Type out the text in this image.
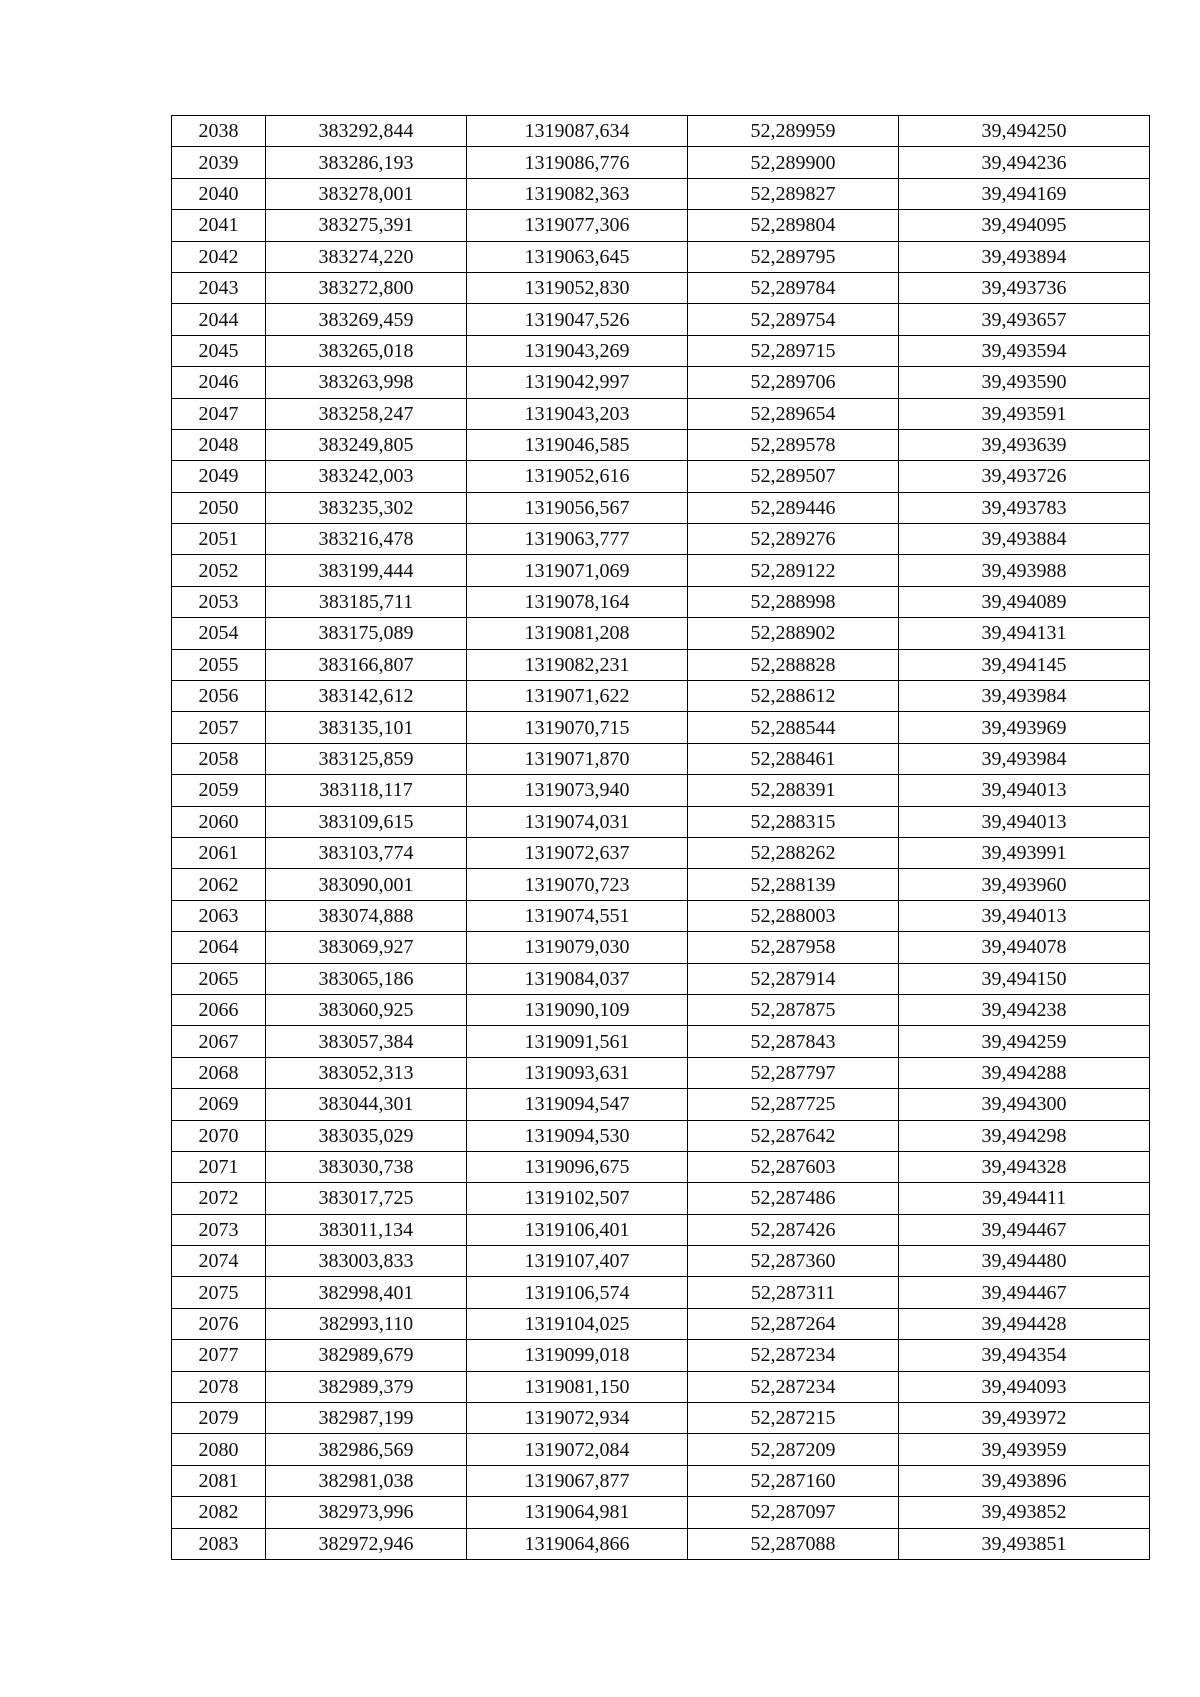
2038	383292,844	1319087,634	52,289959	39,494250
2039	383286,193	1319086,776	52,289900	39,494236
2040	383278,001	1319082,363	52,289827	39,494169
2041	383275,391	1319077,306	52,289804	39,494095
2042	383274,220	1319063,645	52,289795	39,493894
2043	383272,800	1319052,830	52,289784	39,493736
2044	383269,459	1319047,526	52,289754	39,493657
2045	383265,018	1319043,269	52,289715	39,493594
2046	383263,998	1319042,997	52,289706	39,493590
2047	383258,247	1319043,203	52,289654	39,493591
2048	383249,805	1319046,585	52,289578	39,493639
2049	383242,003	1319052,616	52,289507	39,493726
2050	383235,302	1319056,567	52,289446	39,493783
2051	383216,478	1319063,777	52,289276	39,493884
2052	383199,444	1319071,069	52,289122	39,493988
2053	383185,711	1319078,164	52,288998	39,494089
2054	383175,089	1319081,208	52,288902	39,494131
2055	383166,807	1319082,231	52,288828	39,494145
2056	383142,612	1319071,622	52,288612	39,493984
2057	383135,101	1319070,715	52,288544	39,493969
2058	383125,859	1319071,870	52,288461	39,493984
2059	383118,117	1319073,940	52,288391	39,494013
2060	383109,615	1319074,031	52,288315	39,494013
2061	383103,774	1319072,637	52,288262	39,493991
2062	383090,001	1319070,723	52,288139	39,493960
2063	383074,888	1319074,551	52,288003	39,494013
2064	383069,927	1319079,030	52,287958	39,494078
2065	383065,186	1319084,037	52,287914	39,494150
2066	383060,925	1319090,109	52,287875	39,494238
2067	383057,384	1319091,561	52,287843	39,494259
2068	383052,313	1319093,631	52,287797	39,494288
2069	383044,301	1319094,547	52,287725	39,494300
2070	383035,029	1319094,530	52,287642	39,494298
2071	383030,738	1319096,675	52,287603	39,494328
2072	383017,725	1319102,507	52,287486	39,494411
2073	383011,134	1319106,401	52,287426	39,494467
2074	383003,833	1319107,407	52,287360	39,494480
2075	382998,401	1319106,574	52,287311	39,494467
2076	382993,110	1319104,025	52,287264	39,494428
2077	382989,679	1319099,018	52,287234	39,494354
2078	382989,379	1319081,150	52,287234	39,494093
2079	382987,199	1319072,934	52,287215	39,493972
2080	382986,569	1319072,084	52,287209	39,493959
2081	382981,038	1319067,877	52,287160	39,493896
2082	382973,996	1319064,981	52,287097	39,493852
2083	382972,946	1319064,866	52,287088	39,493851
